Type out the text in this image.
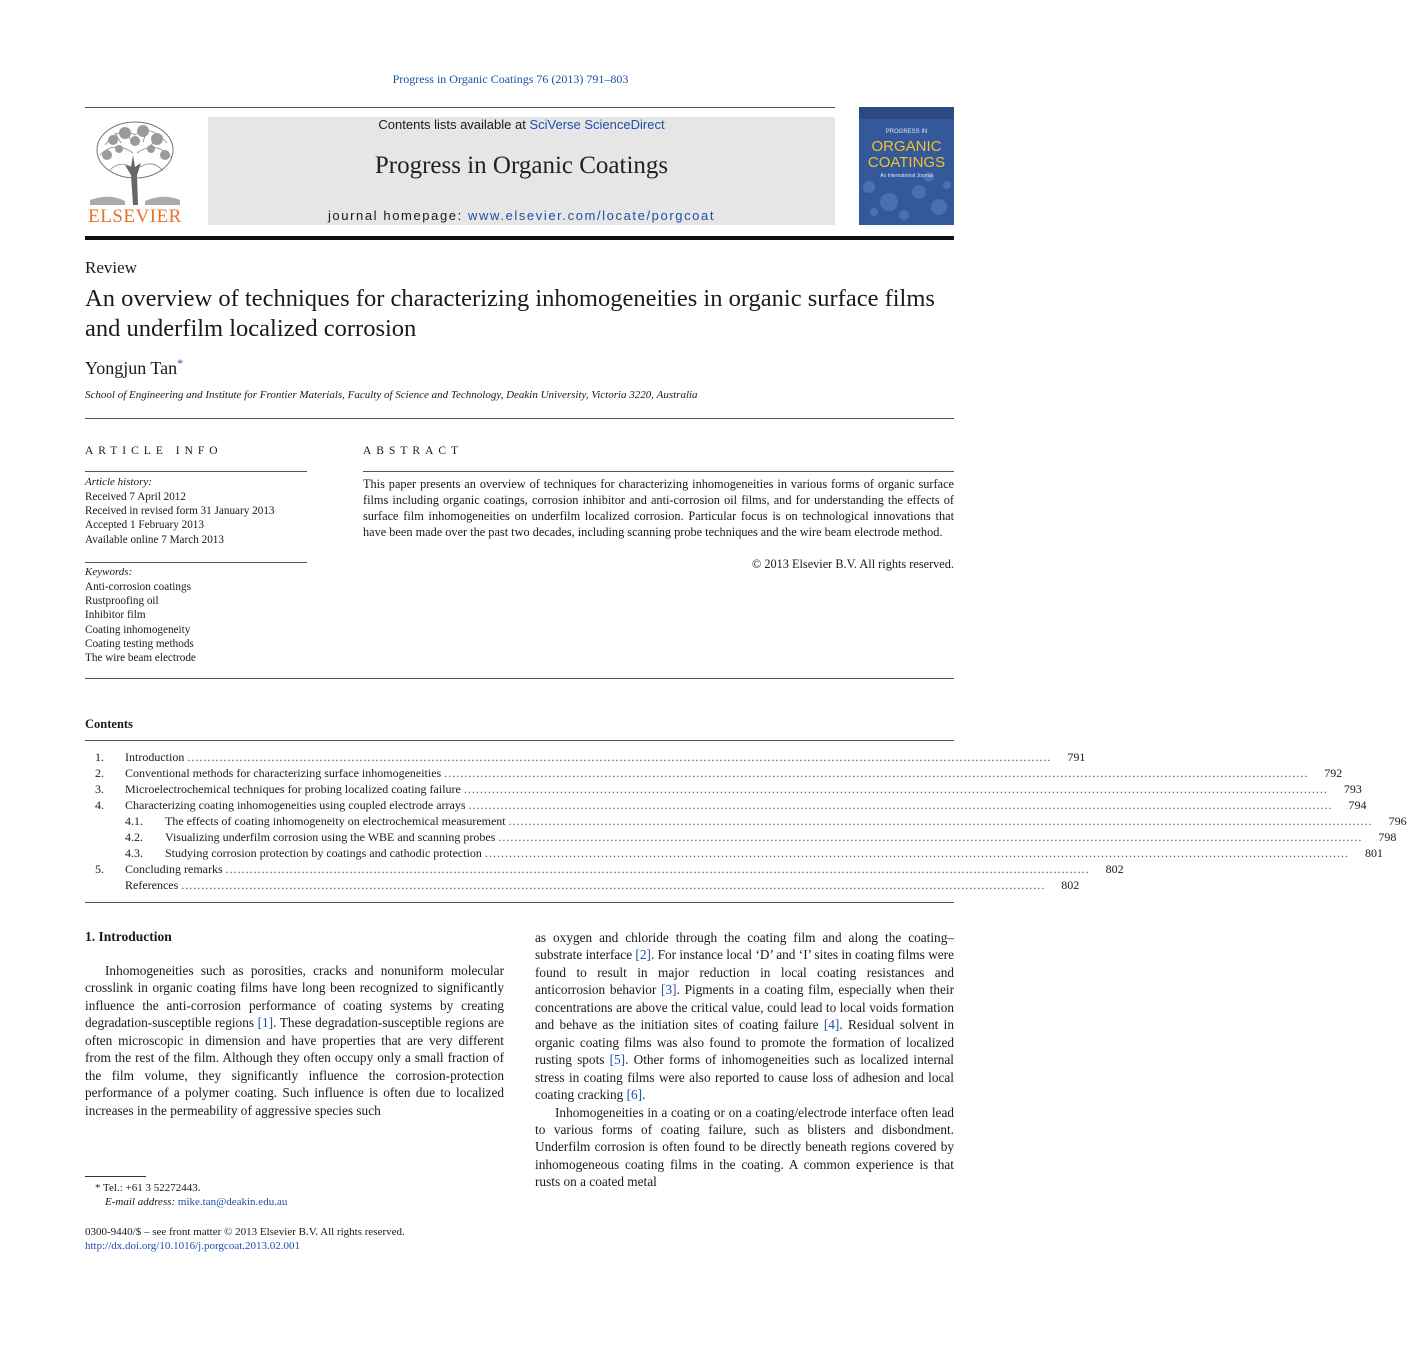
Progress in Organic Coatings 76 (2013) 791–803
ELSEVIER
Contents lists available at SciVerse ScienceDirect
Progress in Organic Coatings
journal homepage: www.elsevier.com/locate/porgcoat
PROGRESS IN
ORGANIC
COATINGS
An International Journal
Review
An overview of techniques for characterizing inhomogeneities in organic surface films and underfilm localized corrosion
Yongjun Tan*
School of Engineering and Institute for Frontier Materials, Faculty of Science and Technology, Deakin University, Victoria 3220, Australia
ARTICLE INFO
Article history:
Received 7 April 2012
Received in revised form 31 January 2013
Accepted 1 February 2013
Available online 7 March 2013
Keywords:
Anti-corrosion coatings
Rustproofing oil
Inhibitor film
Coating inhomogeneity
Coating testing methods
The wire beam electrode
ABSTRACT
This paper presents an overview of techniques for characterizing inhomogeneities in various forms of organic surface films including organic coatings, corrosion inhibitor and anti-corrosion oil films, and for understanding the effects of surface film inhomogeneities on underfilm localized corrosion. Particular focus is on technological innovations that have been made over the past two decades, including scanning probe techniques and the wire beam electrode method.
© 2013 Elsevier B.V. All rights reserved.
Contents
1.	Introduction ........................................................................................................................................................................................................................	791
2.	Conventional methods for characterizing surface inhomogeneities ........................................................................................................................................................................................................................	792
3.	Microelectrochemical techniques for probing localized coating failure ........................................................................................................................................................................................................................	793
4.	Characterizing coating inhomogeneities using coupled electrode arrays ........................................................................................................................................................................................................................	794
4.1.	The effects of coating inhomogeneity on electrochemical measurement ........................................................................................................................................................................................................................	796
4.2.	Visualizing underfilm corrosion using the WBE and scanning probes ........................................................................................................................................................................................................................	798
4.3.	Studying corrosion protection by coatings and cathodic protection ........................................................................................................................................................................................................................	801
5.	Concluding remarks ........................................................................................................................................................................................................................	802
References ........................................................................................................................................................................................................................	802
1. Introduction

Inhomogeneities such as porosities, cracks and nonuniform molecular crosslink in organic coating films have long been recognized to significantly influence the anti-corrosion performance of coating systems by creating degradation-susceptible regions [1]. These degradation-susceptible regions are often microscopic in dimension and have properties that are very different from the rest of the film. Although they often occupy only a small fraction of the film volume, they significantly influence the corrosion-protection performance of a polymer coating. Such influence is often due to localized increases in the permeability of aggressive species such

as oxygen and chloride through the coating film and along the coating–substrate interface [2]. For instance local ‘D’ and ‘I’ sites in coating films were found to result in major reduction in local coating resistances and anticorrosion behavior [3]. Pigments in a coating film, especially when their concentrations are above the critical value, could lead to local voids formation and behave as the initiation sites of coating failure [4]. Residual solvent in organic coating films was also found to promote the formation of localized rusting spots [5]. Other forms of inhomogeneities such as localized internal stress in coating films were also reported to cause loss of adhesion and local coating cracking [6].

Inhomogeneities in a coating or on a coating/electrode interface often lead to various forms of coating failure, such as blisters and disbondment. Underfilm corrosion is often found to be directly beneath regions covered by inhomogeneous coating films in the coating. A common experience is that rusts on a coated metal

* Tel.: +61 3 52272443.
E-mail address: mike.tan@deakin.edu.au
0300-9440/$ – see front matter © 2013 Elsevier B.V. All rights reserved.
http://dx.doi.org/10.1016/j.porgcoat.2013.02.001
